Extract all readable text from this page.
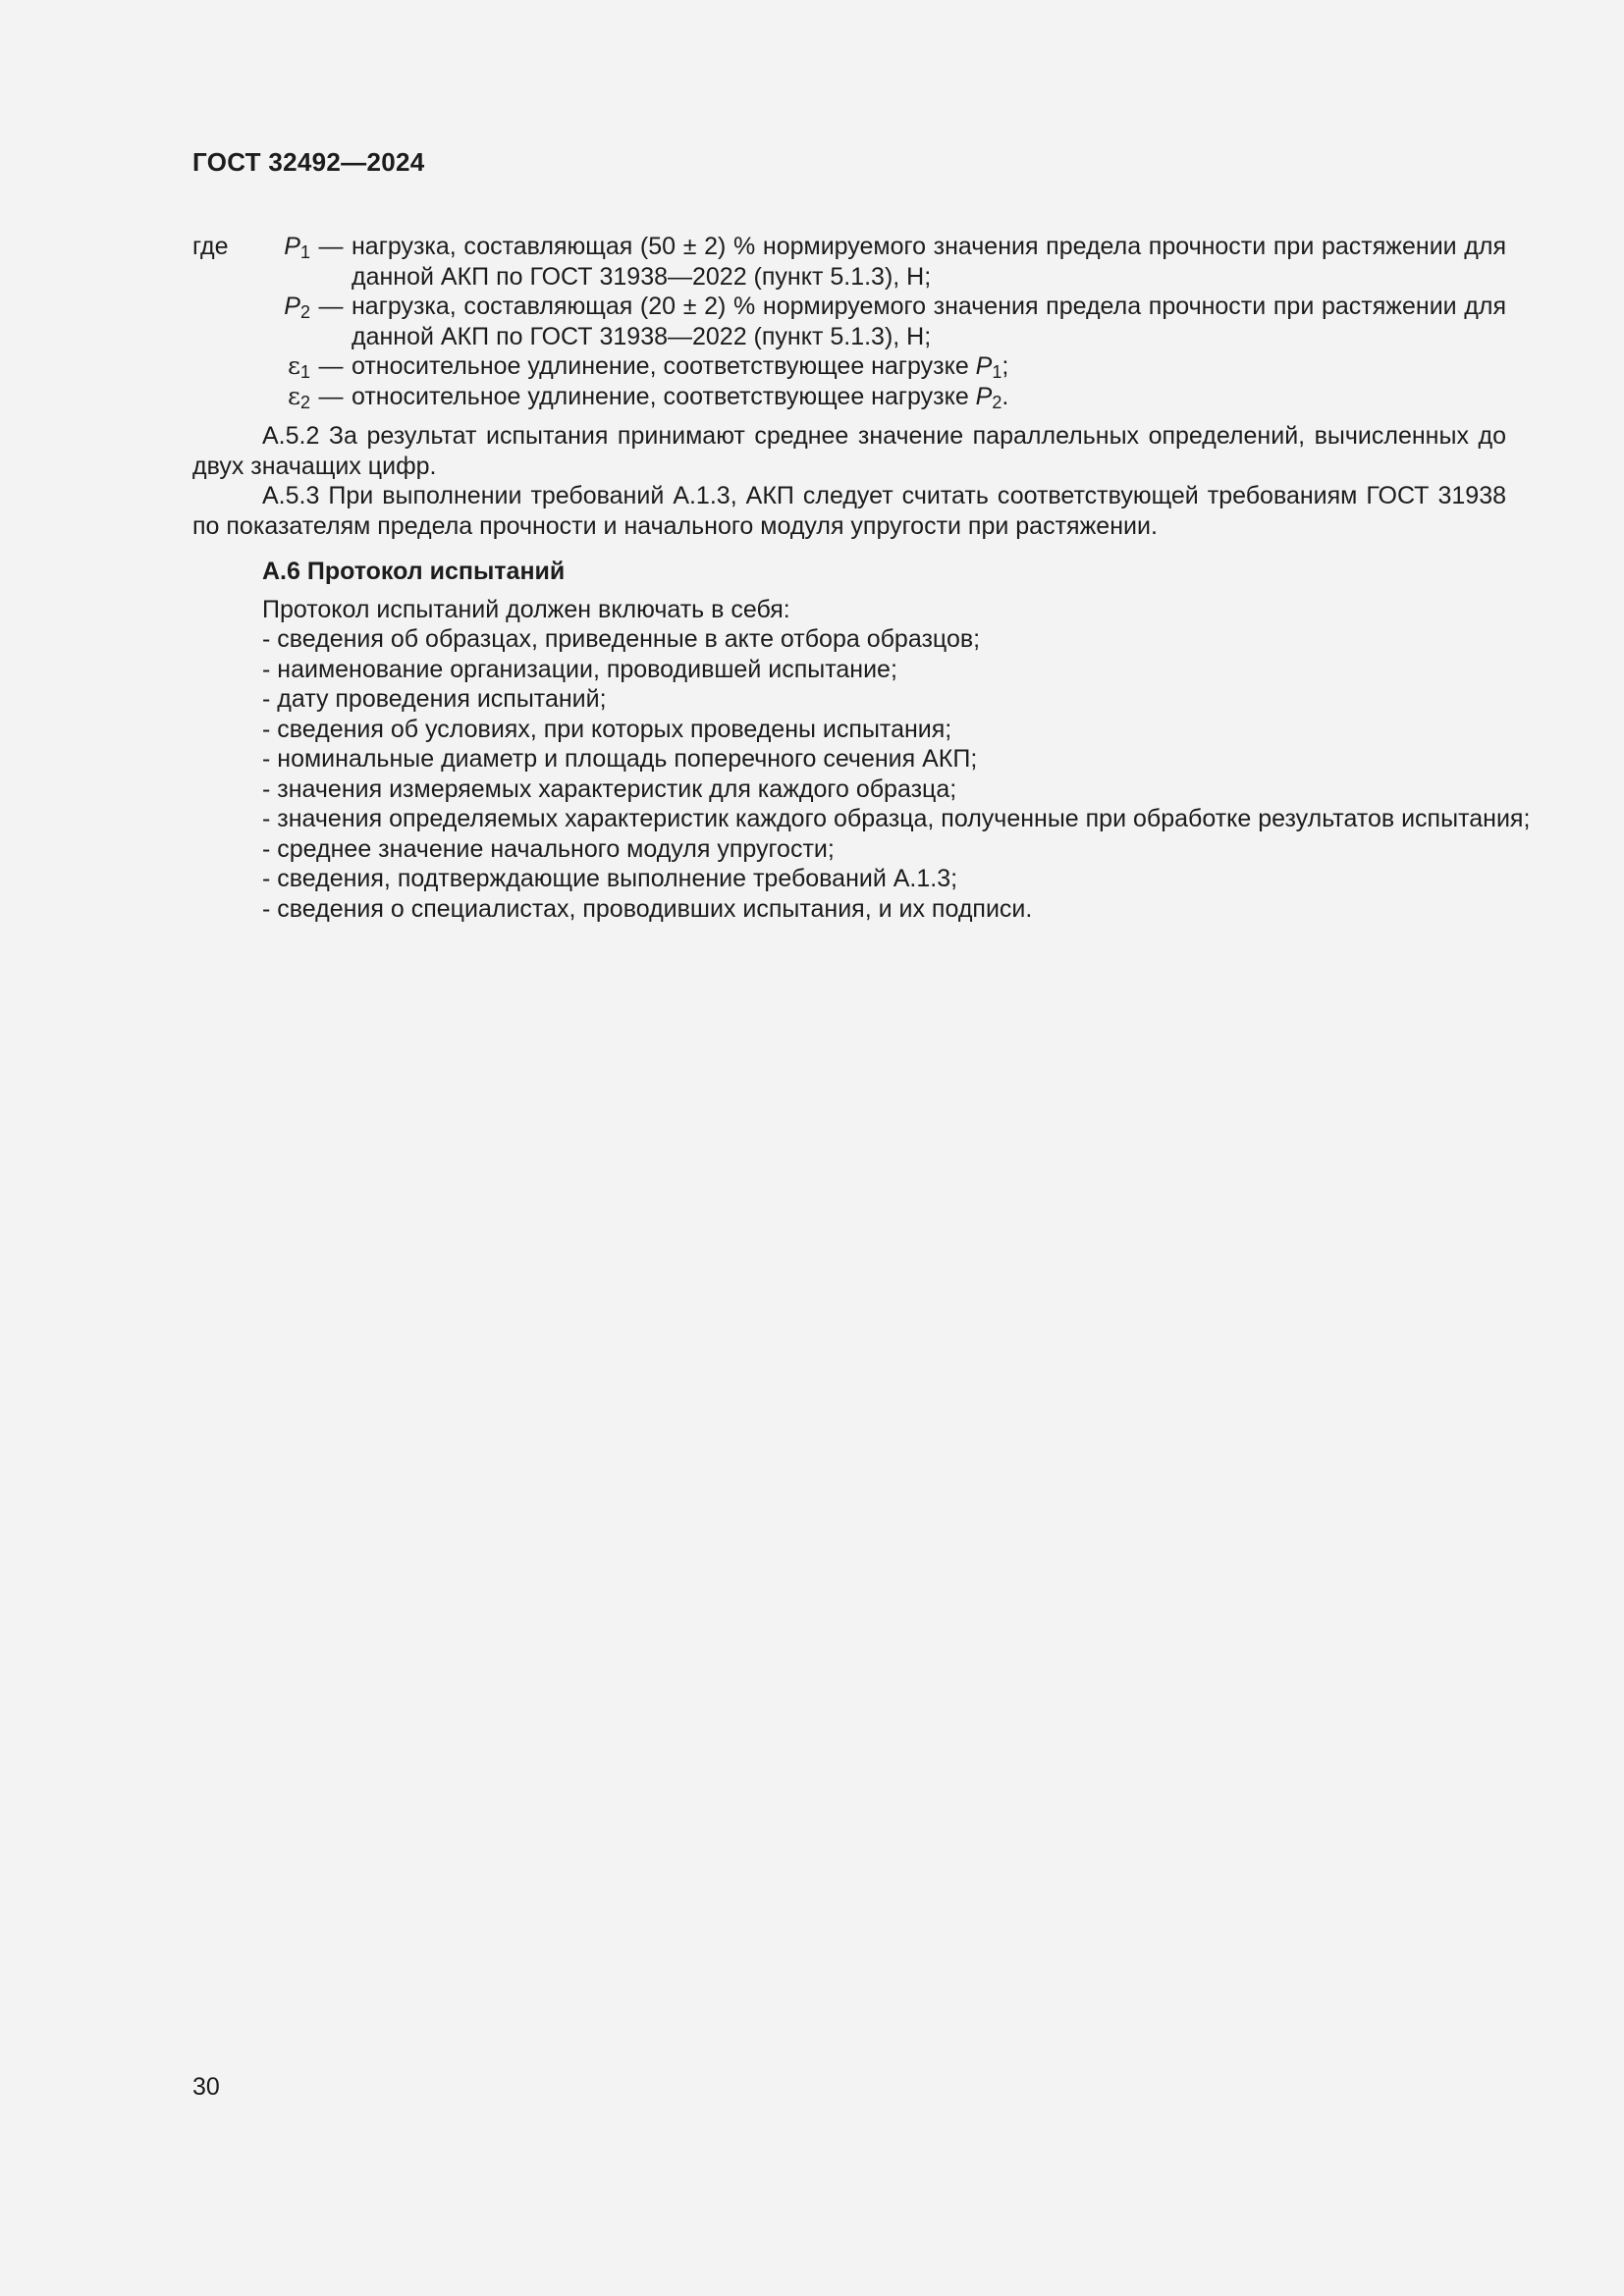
ГОСТ 32492—2024
где $P_1$ — нагрузка, составляющая (50 ± 2) % нормируемого значения предела прочности при растяжении для данной АКП по ГОСТ 31938—2022 (пункт 5.1.3), Н;
$P_2$ — нагрузка, составляющая (20 ± 2) % нормируемого значения предела прочности при растяжении для данной АКП по ГОСТ 31938—2022 (пункт 5.1.3), Н;
$\varepsilon_1$ — относительное удлинение, соответствующее нагрузке $P_1$;
$\varepsilon_2$ — относительное удлинение, соответствующее нагрузке $P_2$.

А.5.2 За результат испытания принимают среднее значение параллельных определений, вычисленных до двух значащих цифр.

А.5.3 При выполнении требований А.1.3, АКП следует считать соответствующей требованиям ГОСТ 31938 по показателям предела прочности и начального модуля упругости при растяжении.

А.6 Протокол испытаний
Протокол испытаний должен включать в себя:
- сведения об образцах, приведенные в акте отбора образцов;
- наименование организации, проводившей испытание;
- дату проведения испытаний;
- сведения об условиях, при которых проведены испытания;
- номинальные диаметр и площадь поперечного сечения АКП;
- значения измеряемых характеристик для каждого образца;
- значения определяемых характеристик каждого образца, полученные при обработке результатов испытания;
- среднее значение начального модуля упругости;
- сведения, подтверждающие выполнение требований А.1.3;
- сведения о специалистах, проводивших испытания, и их подписи.
30
